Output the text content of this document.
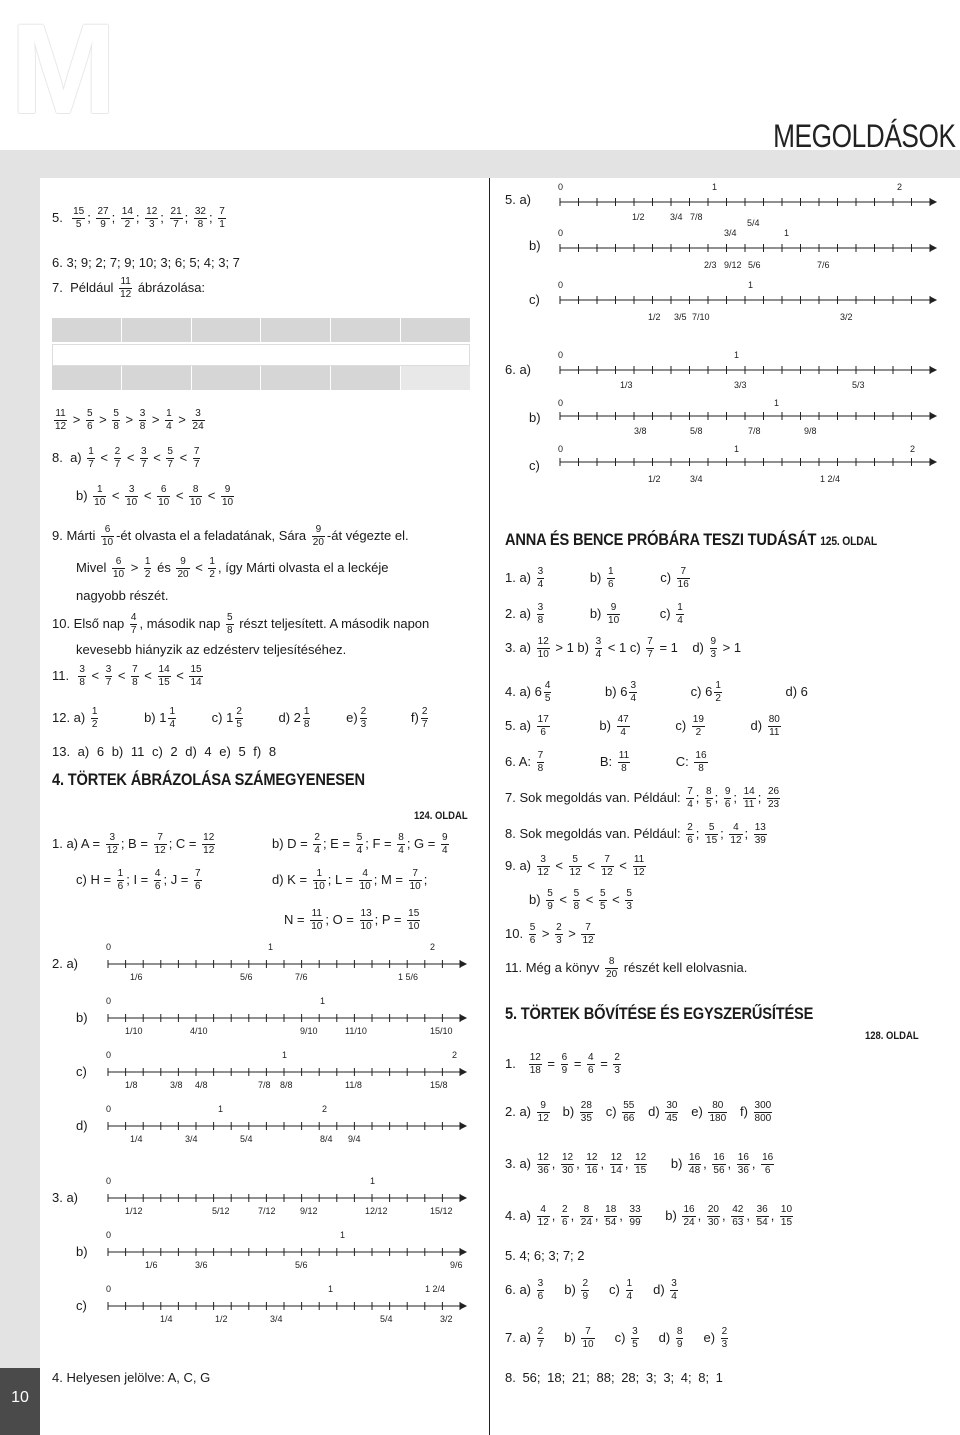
M	MEGOLDÁSOK
10
5. $\frac{15}{5}$ ; $\frac{27}{9}$ ; $\frac{14}{2}$ ; $\frac{12}{3}$ ; $\frac{21}{7}$ ; $\frac{32}{8}$ ; $\frac{7}{1}$
6. 3; 9; 2; 7; 9; 10; 3; 6; 5; 4; 3; 7
7. Például $\frac{11}{12}$ ábrázolása:
$\frac{11}{12} > \frac{5}{6} > \frac{5}{8} > \frac{3}{8} > \frac{1}{4} > \frac{3}{24}$
8.  $a) \frac{1}{7} < \frac{2}{7} < \frac{3}{7} < \frac{5}{7} < \frac{7}{7}$
$b) \frac{1}{10} < \frac{3}{10} < \frac{6}{10} < \frac{8}{10} < \frac{9}{10}$
9. Márti $\frac{6}{10}$ -ét olvasta el a feladatának, Sára $\frac{9}{20}$ -át végezte el.
Mivel $\frac{6}{10} > \frac{1}{2}$ és $\frac{9}{20} < \frac{1}{2}$ , így Márti olvasta el a leckéje
nagyobb részét.
10. Első nap $\frac{4}{7}$ , második nap $\frac{5}{8}$ részt teljesített. A második napon
kevesebb hiányzik az edzésterv teljesítéséhez.
11. $\frac{3}{8} < \frac{3}{7} < \frac{7}{8} < \frac{14}{15} < \frac{15}{14}$
12. $a) \frac{1}{2}$	b) $1 \frac{1}{4}$	c) $1 \frac{2}{5}$	d) $2 \frac{1}{8}$	$e) \frac{2}{3}$	$f) \frac{2}{7}$
13. a) 6 b) 11 c) 2 d) 4 e) 5 f) 8
4. TÖRTEK ÁBRÁZOLÁSA SZÁMEGYENESEN
124. OLDAL
1. a) $A = \frac{3}{12}$ ; $B = \frac{7}{12}$ ; $C = \frac{12}{12}$	b) $D = \frac{2}{4}$ ; $E = \frac{5}{4}$ ; $F = \frac{8}{4}$ ; $G = \frac{9}{4}$
c) $H = \frac{1}{6}$ ; $I = \frac{4}{6}$ ; $J = \frac{7}{6}$	d) $K = \frac{1}{10}$ ; $L = \frac{4}{10}$ ; $M = \frac{7}{10}$ ;
$N = \frac{11}{10}$ ; $O = \frac{13}{10}$ ; $P = \frac{15}{10}$
2. a)
b)
c)
d)
3. a)
b)
c)
4. Helyesen jelölve: A, C, G
0	1	2
1/6	5/6	7/6	1 5/6
0	1
1/10	4/10	9/10	11/10	15/10
0	1	2
1/8	3/8 4/8	7/8 8/8	11/8	15/8
0	1	2
1/4	3/4	5/4	8/4 9/4
0	1
1/12	5/12	7/12	9/12	12/12	15/12
0	1
1/6	3/6	5/6	9/6
0	1	1 2/4
1/4	1/2	3/4	5/4	3/2
5. a)
b)
c)
6. a)
b)
c)
ANNA ÉS BENCE PRÓBÁRA TESZI TUDÁSÁT 125. OLDAL
1. $a) \frac{3}{4}$	$b) \frac{1}{6}$	$c) \frac{7}{16}$
2. $a) \frac{3}{8}$	$b) \frac{9}{10}$	$c) \frac{1}{4}$
3. $a) \frac{12}{10} > 1$ $b) \frac{3}{4} < 1$ $c) \frac{7}{7} = 1$    $d) \frac{9}{3} > 1$
4. a) $6 \frac{4}{5}$	b) $6 \frac{3}{4}$	c) $6 \frac{1}{2}$	d) 6
5. $a) \frac{17}{6}$	$b) \frac{47}{4}$	$c) \frac{19}{2}$	$d) \frac{80}{11}$
6. A: $\frac{7}{8}$	B: $\frac{11}{8}$	C: $\frac{16}{8}$
7. Sok megoldás van. Például: $\frac{7}{4}$ ; $\frac{8}{5}$ ; $\frac{9}{6}$ ; $\frac{14}{11}$ ; $\frac{26}{23}$
8. Sok megoldás van. Például: $\frac{2}{6}$ ; $\frac{5}{15}$ ; $\frac{4}{12}$ ; $\frac{13}{39}$
9. $a) \frac{3}{12} < \frac{5}{12} < \frac{7}{12} < \frac{11}{12}$
$b) \frac{5}{9} < \frac{5}{8} < \frac{5}{5} < \frac{5}{3}$
10. $\frac{5}{6} > \frac{2}{3} > \frac{7}{12}$
11. Még a könyv $\frac{8}{20}$ részét kell elolvasnia.
5. TÖRTEK BŐVÍTÉSE ÉS EGYSZERŰSÍTÉSE
128. OLDAL
1. $\frac{12}{18} = \frac{6}{9} = \frac{4}{6} = \frac{2}{3}$
2. $a) \frac{9}{12} b) \frac{28}{35} c) \frac{55}{66} d) \frac{30}{45} e) \frac{80}{180} f) \frac{300}{800}$
3. $a) \frac{12}{36}$ , $\frac{12}{30}$ , $\frac{12}{16}$ , $\frac{12}{14}$ , $\frac{12}{15} b) \frac{16}{48}$ , $\frac{16}{56}$ , $\frac{16}{36}$ , $\frac{16}{6}$
4. $a) \frac{4}{12}$ , $\frac{2}{6}$ , $\frac{8}{24}$ , $\frac{18}{54}$ , $\frac{33}{99} b) \frac{16}{24}$ , $\frac{20}{30}$ , $\frac{42}{63}$ , $\frac{36}{54}$ , $\frac{10}{15}$
5. 4; 6; 3; 7; 2
6. $a) \frac{3}{6} b) \frac{2}{9} c) \frac{1}{4} d) \frac{3}{4}$
7. $a) \frac{2}{7} b) \frac{7}{10} c) \frac{3}{5} d) \frac{8}{9} e) \frac{2}{3}$
8. 56; 18; 21; 88; 28; 3; 3; 4; 8; 1
0	1	2
1/2	3/4 7/8
5/4
0	1
3/4
2/3 9/12 5/6	7/6
0	1
1/2 3/5 7/10	3/2
0	1
1/3	3/3	5/3
0	1
3/8	5/8	7/8	9/8
0	1	2
1/2	3/4	1 2/4
